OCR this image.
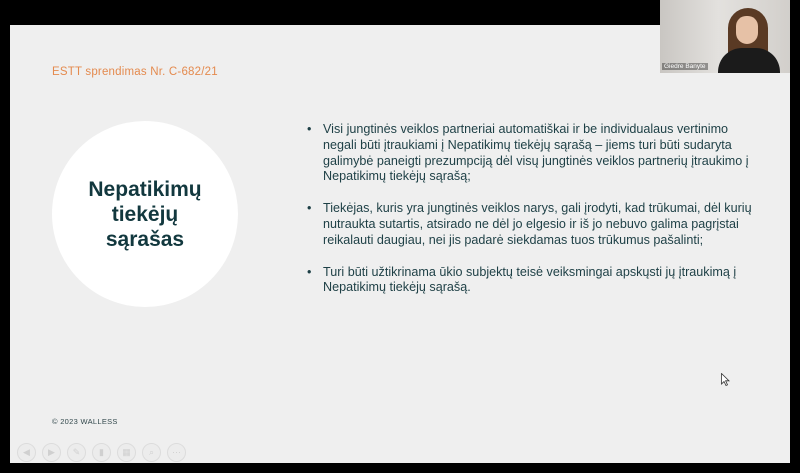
ESTT sprendimas Nr. C-682/21
Nepatikimų
tiekėjų
sąrašas
• Visi jungtinės veiklos partneriai automatiškai ir be individualaus vertinimo negali būti įtraukiami į Nepatikimų tiekėjų sąrašą – jiems turi būti sudaryta galimybė paneigti prezumpciją dėl visų jungtinės veiklos partnerių įtraukimo į Nepatikimų tiekėjų sąrašą;
• Tiekėjas, kuris yra jungtinės veiklos narys, gali įrodyti, kad trūkumai, dėl kurių nutraukta sutartis, atsirado ne dėl jo elgesio ir iš jo nebuvo galima pagrįstai reikalauti daugiau, nei jis padarė siekdamas tuos trūkumus pašalinti;
• Turi būti užtikrinama ūkio subjektų teisė veiksmingai apskųsti jų įtraukimą į Nepatikimų tiekėjų sąrašą.
© 2023 WALLESS
◀	▶	✎	▮	▦	⌕	⋯
Giedre Banyte
